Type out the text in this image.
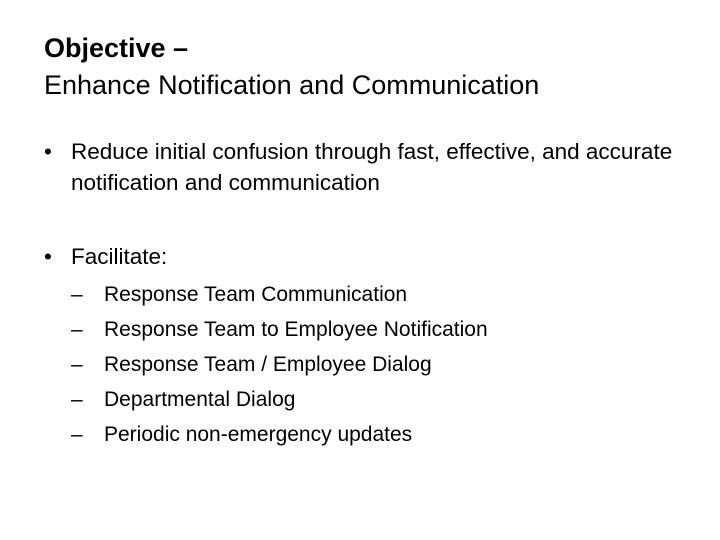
Objective –
Enhance Notification and Communication
• Reduce initial confusion through fast, effective, and accurate notification and communication
• Facilitate:
– Response Team Communication
– Response Team to Employee Notification
– Response Team / Employee Dialog
– Departmental Dialog
– Periodic non-emergency updates
